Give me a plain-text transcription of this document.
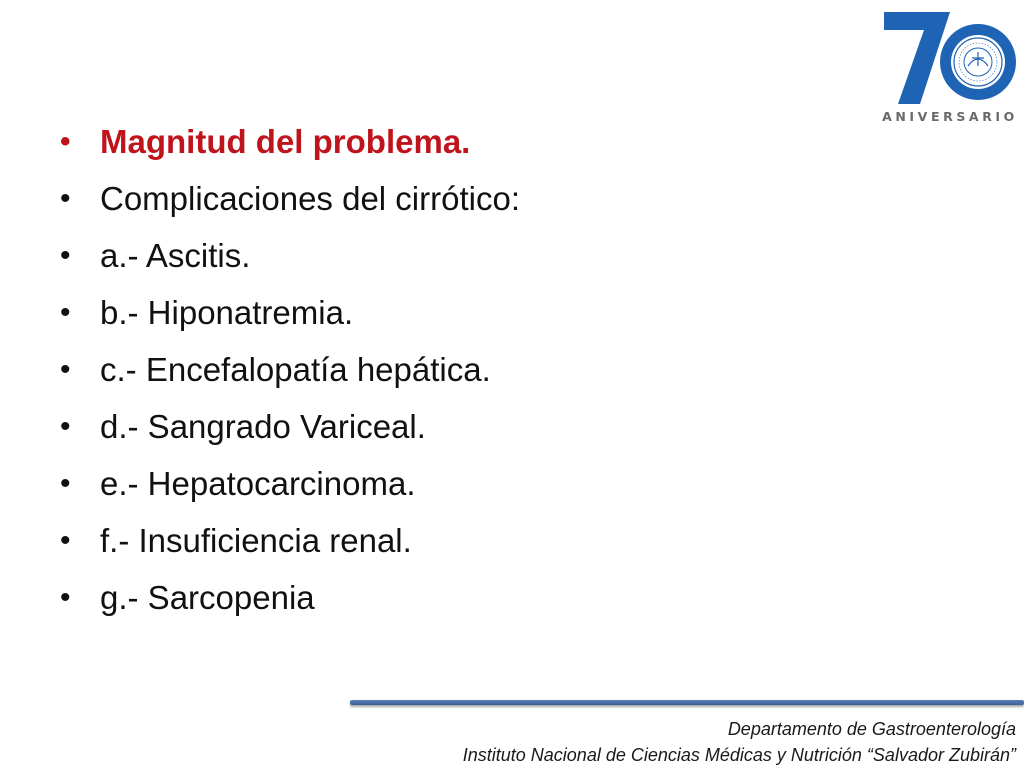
ANIVERSARIO
• Magnitud del problema.
• Complicaciones del cirrótico:
• a.- Ascitis.
• b.- Hiponatremia.
• c.- Encefalopatía hepática.
• d.- Sangrado Variceal.
• e.- Hepatocarcinoma.
• f.- Insuficiencia renal.
• g.- Sarcopenia
Departamento de Gastroenterología
Instituto Nacional de Ciencias Médicas y Nutrición “Salvador Zubirán”
